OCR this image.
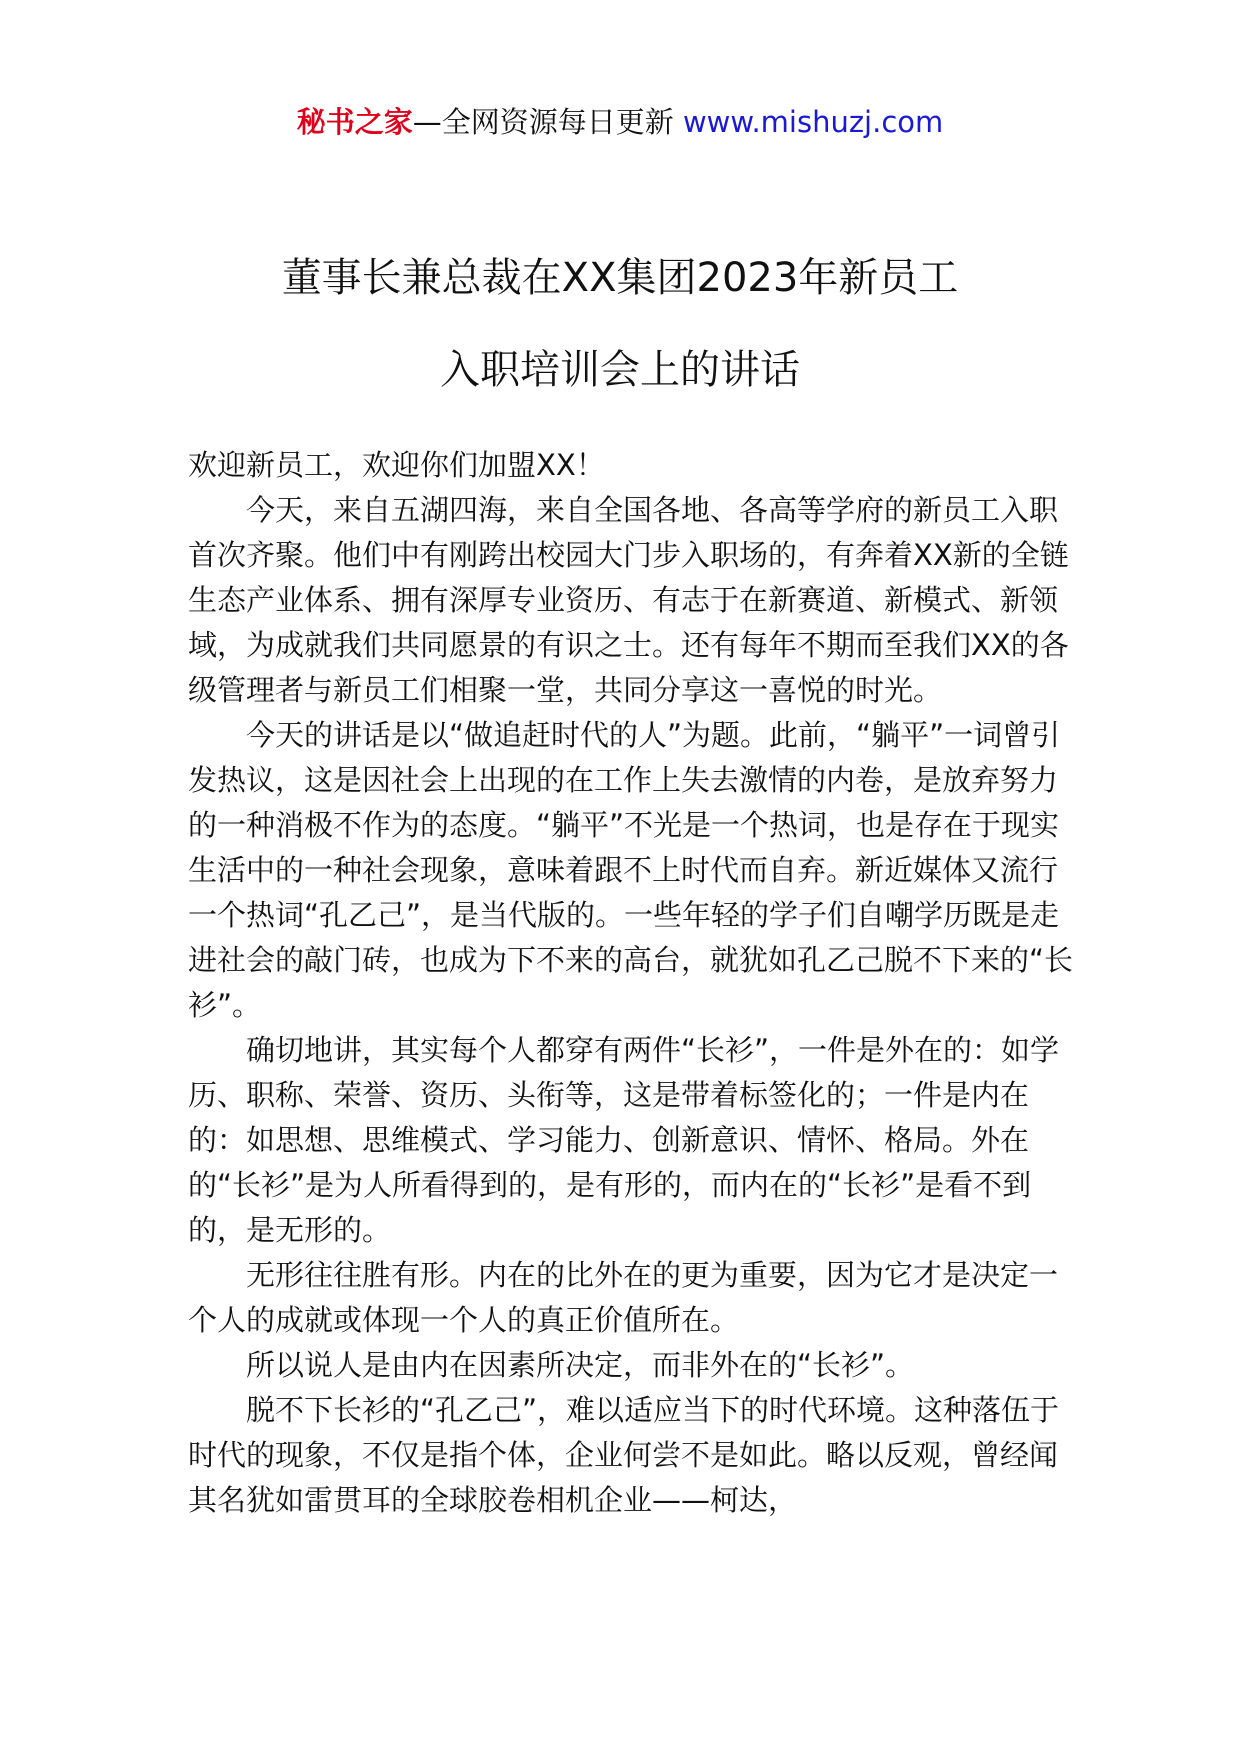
秘书之家—全网资源每日更新 www.mishuzj.com
董事长兼总裁在XX集团2023年新员工
入职培训会上的讲话

欢迎新员工，欢迎你们加盟XX！

今天，来自五湖四海，来自全国各地、各高等学府的新员工入职首次齐聚。他们中有刚跨出校园大门步入职场的，有奔着XX新的全链生态产业体系、拥有深厚专业资历、有志于在新赛道、新模式、新领域，为成就我们共同愿景的有识之士。还有每年不期而至我们XX的各级管理者与新员工们相聚一堂，共同分享这一喜悦的时光。

今天的讲话是以“做追赶时代的人”为题。此前，“躺平”一词曾引发热议，这是因社会上出现的在工作上失去激情的内卷，是放弃努力的一种消极不作为的态度。“躺平”不光是一个热词，也是存在于现实生活中的一种社会现象，意味着跟不上时代而自弃。新近媒体又流行一个热词“孔乙己”，是当代版的。一些年轻的学子们自嘲学历既是走进社会的敲门砖，也成为下不来的高台，就犹如孔乙己脱不下来的“长衫”。

确切地讲，其实每个人都穿有两件“长衫”，一件是外在的：如学历、职称、荣誉、资历、头衔等，这是带着标签化的；一件是内在的：如思想、思维模式、学习能力、创新意识、情怀、格局。外在的“长衫”是为人所看得到的，是有形的，而内在的“长衫”是看不到的，是无形的。

无形往往胜有形。内在的比外在的更为重要，因为它才是决定一个人的成就或体现一个人的真正价值所在。

所以说人是由内在因素所决定，而非外在的“长衫”。

脱不下长衫的“孔乙己”，难以适应当下的时代环境。这种落伍于时代的现象，不仅是指个体，企业何尝不是如此。略以反观，曾经闻其名犹如雷贯耳的全球胶卷相机企业——柯达，
